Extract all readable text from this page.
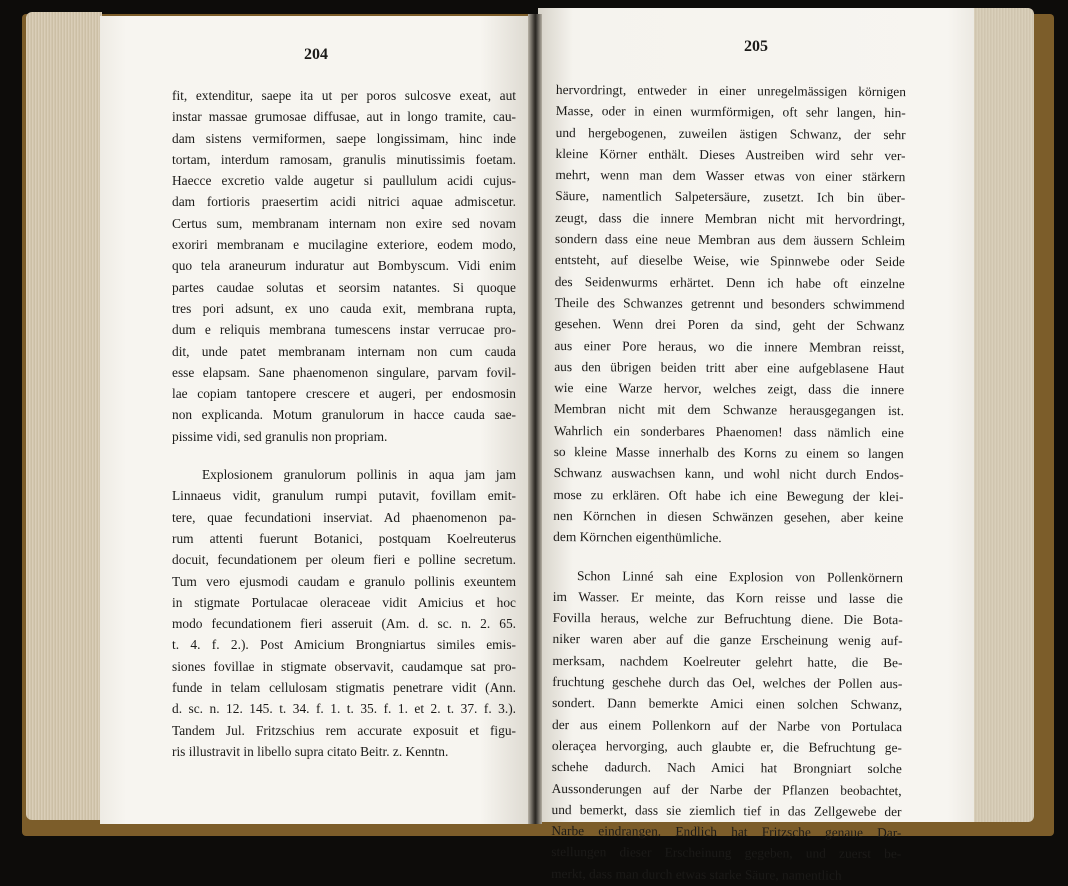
204
fit, extenditur, saepe ita ut per poros sulcosve exeat, aut
instar massae grumosae diffusae, aut in longo tramite, cau-
dam sistens vermiformen, saepe longissimam, hinc inde
tortam, interdum ramosam, granulis minutissimis foetam.
Haecce excretio valde augetur si paullulum acidi cujus-
dam fortioris praesertim acidi nitrici aquae admiscetur.
Certus sum, membranam internam non exire sed novam
exoriri membranam e mucilagine exteriore, eodem modo,
quo tela araneurum induratur aut Bombyscum. Vidi enim
partes caudae solutas et seorsim natantes. Si quoque
tres pori adsunt, ex uno cauda exit, membrana rupta,
dum e reliquis membrana tumescens instar verrucae pro-
dit, unde patet membranam internam non cum cauda
esse elapsam. Sane phaenomenon singulare, parvam fovil-
lae copiam tantopere crescere et augeri, per endosmosin
non explicanda. Motum granulorum in hacce cauda sae-
pissime vidi, sed granulis non propriam.
Explosionem granulorum pollinis in aqua jam jam
Linnaeus vidit, granulum rumpi putavit, fovillam emit-
tere, quae fecundationi inserviat. Ad phaenomenon pa-
rum attenti fuerunt Botanici, postquam Koelreuterus
docuit, fecundationem per oleum fieri e polline secretum.
Tum vero ejusmodi caudam e granulo pollinis exeuntem
in stigmate Portulacae oleraceae vidit Amicius et hoc
modo fecundationem fieri asseruit (Am. d. sc. n. 2. 65.
t. 4. f. 2.). Post Amicium Brongniartus similes emis-
siones fovillae in stigmate observavit, caudamque sat pro-
funde in telam cellulosam stigmatis penetrare vidit (Ann.
d. sc. n. 12. 145. t. 34. f. 1. t. 35. f. 1. et 2. t. 37. f. 3.).
Tandem Jul. Fritzschius rem accurate exposuit et figu-
ris illustravit in libello supra citato Beitr. z. Kenntn.
205
hervordringt, entweder in einer unregelmässigen körnigen
Masse, oder in einen wurmförmigen, oft sehr langen, hin-
und hergebogenen, zuweilen ästigen Schwanz, der sehr
kleine Körner enthält. Dieses Austreiben wird sehr ver-
mehrt, wenn man dem Wasser etwas von einer stärkern
Säure, namentlich Salpetersäure, zusetzt. Ich bin über-
zeugt, dass die innere Membran nicht mit hervordringt,
sondern dass eine neue Membran aus dem äussern Schleim
entsteht, auf dieselbe Weise, wie Spinnwebe oder Seide
des Seidenwurms erhärtet. Denn ich habe oft einzelne
Theile des Schwanzes getrennt und besonders schwimmend
gesehen. Wenn drei Poren da sind, geht der Schwanz
aus einer Pore heraus, wo die innere Membran reisst,
aus den übrigen beiden tritt aber eine aufgeblasene Haut
wie eine Warze hervor, welches zeigt, dass die innere
Membran nicht mit dem Schwanze herausgegangen ist.
Wahrlich ein sonderbares Phaenomen! dass nämlich eine
so kleine Masse innerhalb des Korns zu einem so langen
Schwanz auswachsen kann, und wohl nicht durch Endos-
mose zu erklären. Oft habe ich eine Bewegung der klei-
nen Körnchen in diesen Schwänzen gesehen, aber keine
dem Körnchen eigenthümliche.
Schon Linné sah eine Explosion von Pollenkörnern
im Wasser. Er meinte, das Korn reisse und lasse die
Fovilla heraus, welche zur Befruchtung diene. Die Bota-
niker waren aber auf die ganze Erscheinung wenig auf-
merksam, nachdem Koelreuter gelehrt hatte, die Be-
fruchtung geschehe durch das Oel, welches der Pollen aus-
sondert. Dann bemerkte Amici einen solchen Schwanz,
der aus einem Pollenkorn auf der Narbe von Portulaca
oleraçea hervorging, auch glaubte er, die Befruchtung ge-
schehe dadurch. Nach Amici hat Brongniart solche
Aussonderungen auf der Narbe der Pflanzen beobachtet,
und bemerkt, dass sie ziemlich tief in das Zellgewebe der
Narbe eindrangen. Endlich hat Fritzsche genaue Dar-
stellungen dieser Erscheinung gegeben, und zuerst be-
merkt, dass man durch etwas starke Säure, namentlich
